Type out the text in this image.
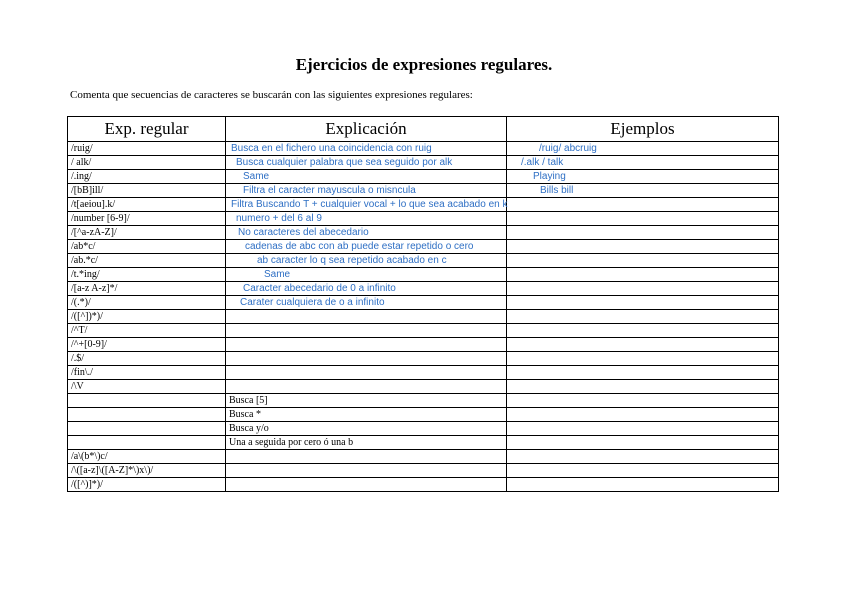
Ejercicios de expresiones regulares.
Comenta que secuencias de caracteres se buscarán con las siguientes expresiones regulares:
Exp. regular	Explicación	Ejemplos
/ruig/	Busca en el fichero una coincidencia con ruig	/ruig/ abcruig

/ alk/	Busca cualquier palabra que sea seguido por alk	/.alk / talk

/.ing/	Same	Playing

/[bB]ill/	Filtra el caracter mayuscula o misncula	Bills bill

/t[aeiou].k/	Filtra Buscando T + cualquier vocal + lo que sea acabado en k	

/number [6-9]/	numero + del 6 al 9	

/[^a-zA-Z]/	No caracteres del abecedario	

/ab*c/	cadenas de abc con ab puede estar repetido o cero	

/ab.*c/	ab caracter lo q sea repetido acabado en c	

/t.*ing/	Same	

/[a-z A-z]*/	Caracter abecedario de 0 a infinito	

/(.*)/	Carater cualquiera de o a infinito	

/([^])*)/		
/^T/		
/^+[0-9]/		
/.$/		
/fin\./		
/\V		
	Busca [5]	
	Busca *	
	Busca y/o	
	Una a seguida por cero ó una b	
/a\(b*\)c/		
/\([a-z]\([A-Z]*\)x\)/		
/([^)]*)/		
